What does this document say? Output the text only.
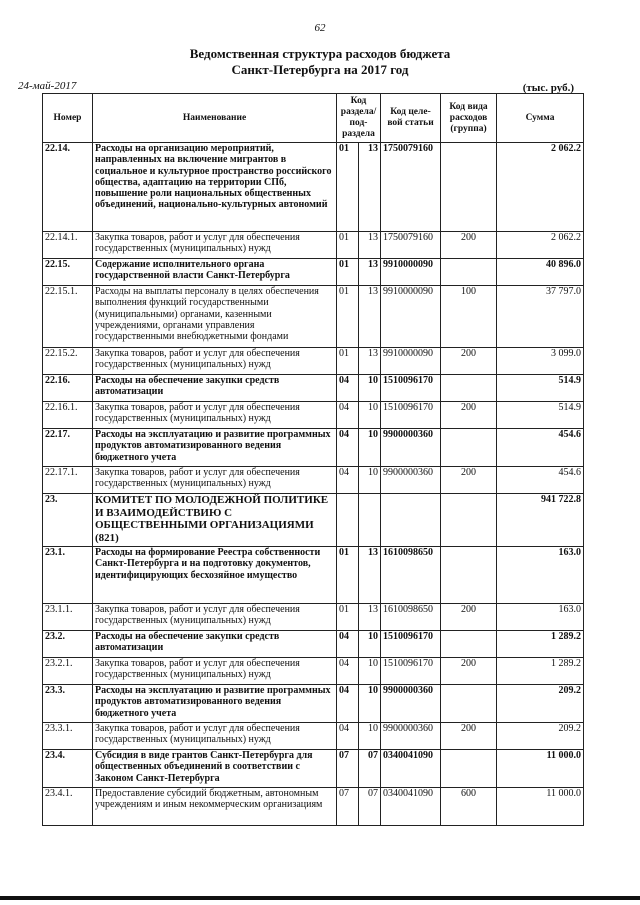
62
Ведомственная структура расходов бюджета
Санкт-Петербурга на 2017 год
24-май-2017	(тыс. руб.)
Номер	Наименование	Код раздела/ под- раздела		Код целе- вой статьи	Код вида расходов (группа)	Сумма
22.14.	Расходы на организацию мероприятий, направленных на включение мигрантов в социальное и культурное пространство российского общества, адаптацию на территории СПб, повышение роли национальных общественных объединений, национально-культурных автономий	01	13	1750079160		2 062.2
22.14.1.	Закупка товаров, работ и услуг для обеспечения государственных (муниципальных) нужд	01	13	1750079160	200	2 062.2
22.15.	Содержание исполнительного органа государственной власти Санкт-Петербурга	01	13	9910000090		40 896.0
22.15.1.	Расходы на выплаты персоналу в целях обеспечения выполнения функций государственными (муниципальными) органами, казенными учреждениями, органами управления государственными внебюджетными фондами	01	13	9910000090	100	37 797.0
22.15.2.	Закупка товаров, работ и услуг для обеспечения государственных (муниципальных) нужд	01	13	9910000090	200	3 099.0
22.16.	Расходы на обеспечение закупки средств автоматизации	04	10	1510096170		514.9
22.16.1.	Закупка товаров, работ и услуг для обеспечения государственных (муниципальных) нужд	04	10	1510096170	200	514.9
22.17.	Расходы на эксплуатацию и развитие программных продуктов автоматизированного ведения бюджетного учета	04	10	9900000360		454.6
22.17.1.	Закупка товаров, работ и услуг для обеспечения государственных (муниципальных) нужд	04	10	9900000360	200	454.6
23.	КОМИТЕТ ПО МОЛОДЕЖНОЙ ПОЛИТИКЕ И ВЗАИМОДЕЙСТВИЮ С ОБЩЕСТВЕННЫМИ ОРГАНИЗАЦИЯМИ (821)					941 722.8
23.1.	Расходы на формирование Реестра собственности Санкт-Петербурга и на подготовку документов, идентифицирующих бесхозяйное имущество	01	13	1610098650		163.0
23.1.1.	Закупка товаров, работ и услуг для обеспечения государственных (муниципальных) нужд	01	13	1610098650	200	163.0
23.2.	Расходы на обеспечение закупки средств автоматизации	04	10	1510096170		1 289.2
23.2.1.	Закупка товаров, работ и услуг для обеспечения государственных (муниципальных) нужд	04	10	1510096170	200	1 289.2
23.3.	Расходы на эксплуатацию и развитие программных продуктов автоматизированного ведения бюджетного учета	04	10	9900000360		209.2
23.3.1.	Закупка товаров, работ и услуг для обеспечения государственных (муниципальных) нужд	04	10	9900000360	200	209.2
23.4.	Субсидия в виде грантов Санкт-Петербурга для общественных объединений в соответствии с Законом Санкт-Петербурга	07	07	0340041090		11 000.0
23.4.1.	Предоставление субсидий бюджетным, автономным учреждениям и иным некоммерческим организациям	07	07	0340041090	600	11 000.0
